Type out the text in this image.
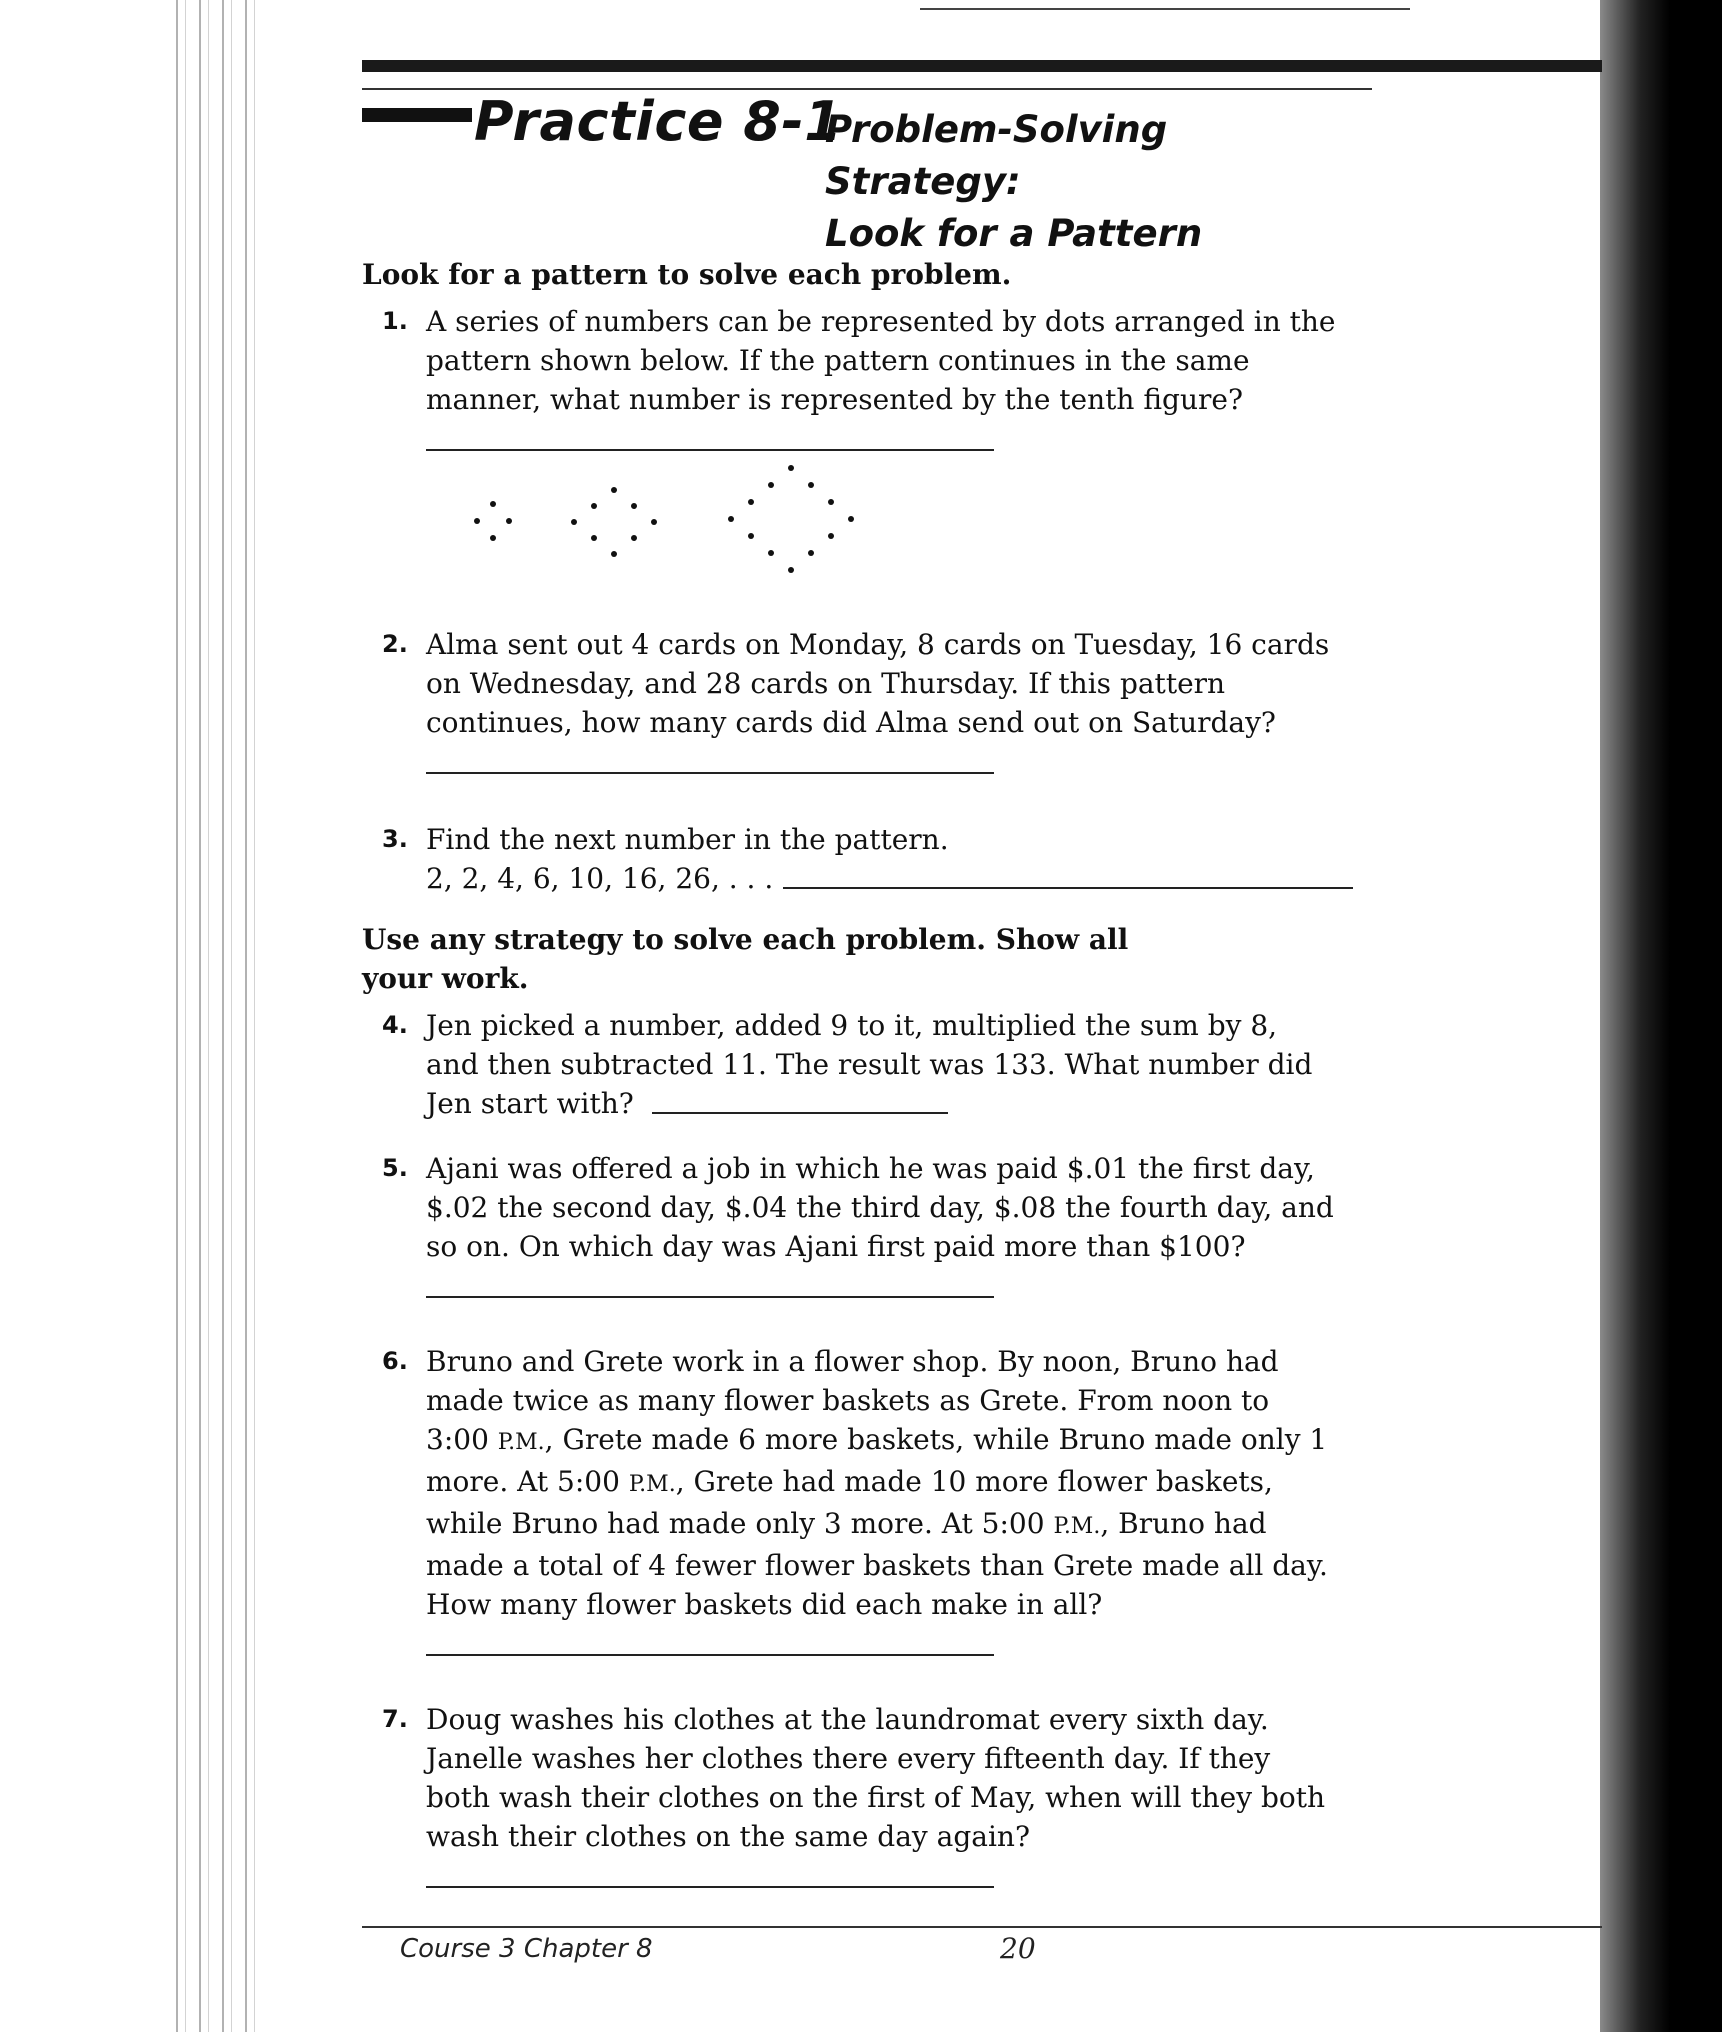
Practice 8-1
Problem-Solving Strategy:
Look for a Pattern
Look for a pattern to solve each problem.
1. A series of numbers can be represented by dots arranged in the
pattern shown below. If the pattern continues in the same
manner, what number is represented by the tenth figure?
2. Alma sent out 4 cards on Monday, 8 cards on Tuesday, 16 cards
on Wednesday, and 28 cards on Thursday. If this pattern
continues, how many cards did Alma send out on Saturday?
3. Find the next number in the pattern.
2, 2, 4, 6, 10, 16, 26, . . .
Use any strategy to solve each problem. Show all
your work.
4. Jen picked a number, added 9 to it, multiplied the sum by 8,
and then subtracted 11. The result was 133. What number did
Jen start with?
5. Ajani was offered a job in which he was paid $.01 the first day,
$.02 the second day, $.04 the third day, $.08 the fourth day, and
so on. On which day was Ajani first paid more than $100?
6. Bruno and Grete work in a flower shop. By noon, Bruno had
made twice as many flower baskets as Grete. From noon to
3:00 P.M., Grete made 6 more baskets, while Bruno made only 1
more. At 5:00 P.M., Grete had made 10 more flower baskets,
while Bruno had made only 3 more. At 5:00 P.M., Bruno had
made a total of 4 fewer flower baskets than Grete made all day.
How many flower baskets did each make in all?
7. Doug washes his clothes at the laundromat every sixth day.
Janelle washes her clothes there every fifteenth day. If they
both wash their clothes on the first of May, when will they both
wash their clothes on the same day again?
Course 3 Chapter 8	20
